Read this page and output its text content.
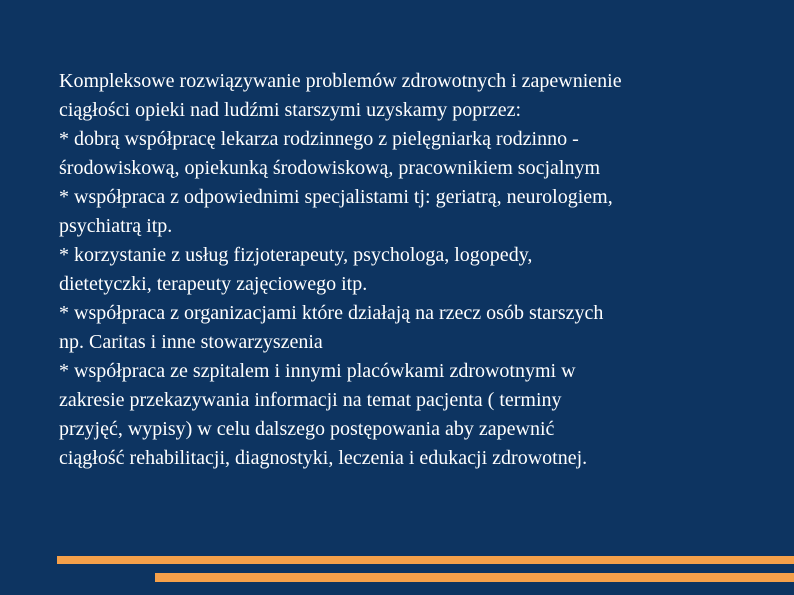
Kompleksowe rozwiązywanie problemów zdrowotnych i zapewnienie

ciągłości opieki nad ludźmi starszymi uzyskamy poprzez:

* dobrą współpracę lekarza rodzinnego z pielęgniarką rodzinno -

środowiskową, opiekunką środowiskową, pracownikiem socjalnym

* współpraca z odpowiednimi specjalistami tj: geriatrą, neurologiem,

psychiatrą itp.

* korzystanie z usług fizjoterapeuty, psychologa, logopedy,

dietetyczki, terapeuty zajęciowego itp.

* współpraca z organizacjami które działają na rzecz osób starszych

np. Caritas i inne stowarzyszenia

* współpraca ze szpitalem i innymi placówkami zdrowotnymi w

zakresie przekazywania informacji na temat pacjenta ( terminy

przyjęć, wypisy) w celu dalszego postępowania aby zapewnić

ciągłość rehabilitacji, diagnostyki, leczenia i edukacji zdrowotnej.
